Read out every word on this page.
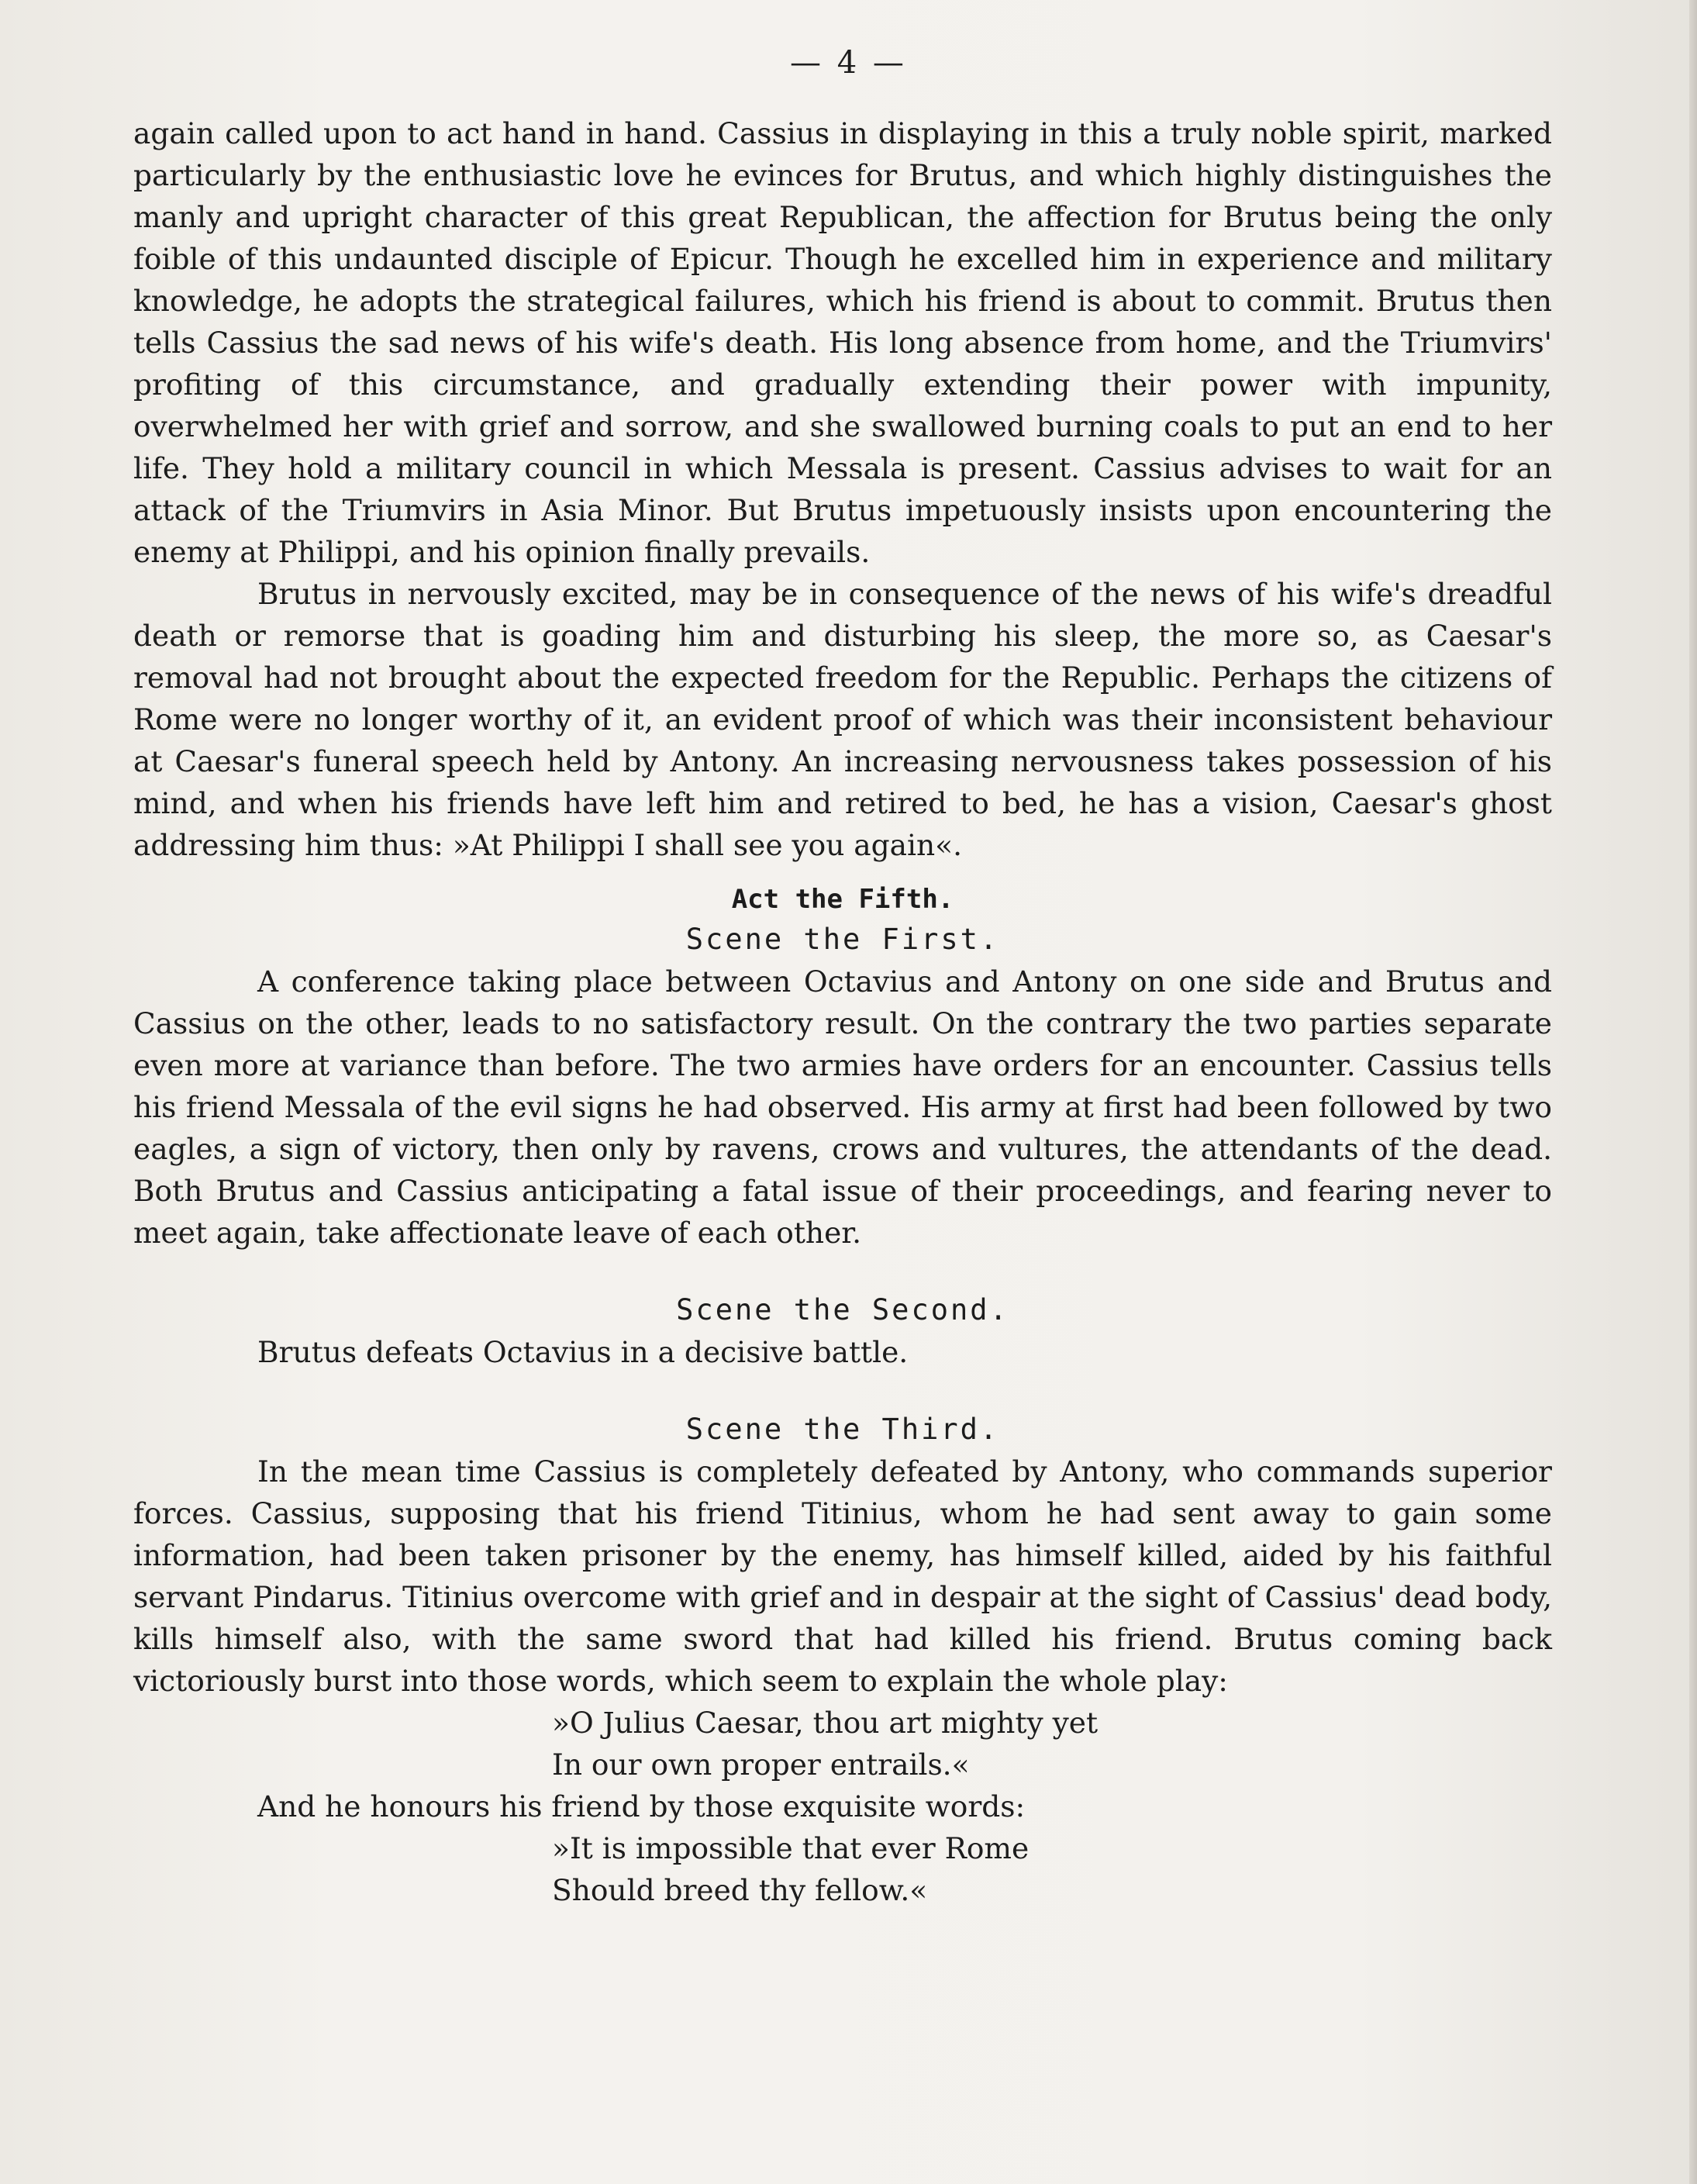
— 4 —

again called upon to act hand in hand. Cassius in displaying in this a truly noble spirit, marked particularly by the enthusiastic love he evinces for Brutus, and which highly distinguishes the manly and upright character of this great Republican, the affection for Brutus being the only foible of this undaunted disciple of Epicur. Though he excelled him in experience and military knowledge, he adopts the strategical failures, which his friend is about to commit. Brutus then tells Cassius the sad news of his wife's death. His long absence from home, and the Triumvirs' profiting of this circumstance, and gradually extending their power with impunity, overwhelmed her with grief and sorrow, and she swallowed burning coals to put an end to her life. They hold a military council in which Messala is present. Cassius advises to wait for an attack of the Triumvirs in Asia Minor. But Brutus impetuously insists upon encountering the enemy at Philippi, and his opinion finally prevails.

Brutus in nervously excited, may be in consequence of the news of his wife's dreadful death or remorse that is goading him and disturbing his sleep, the more so, as Caesar's removal had not brought about the expected freedom for the Republic. Perhaps the citizens of Rome were no longer worthy of it, an evident proof of which was their inconsistent behaviour at Caesar's funeral speech held by Antony. An increasing nervousness takes possession of his mind, and when his friends have left him and retired to bed, he has a vision, Caesar's ghost addressing him thus: »At Philippi I shall see you again«.

Act the Fifth.

Scene the First.

A conference taking place between Octavius and Antony on one side and Brutus and Cassius on the other, leads to no satisfactory result. On the contrary the two parties separate even more at variance than before. The two armies have orders for an encounter. Cassius tells his friend Messala of the evil signs he had observed. His army at first had been followed by two eagles, a sign of victory, then only by ravens, crows and vultures, the attendants of the dead. Both Brutus and Cassius anticipating a fatal issue of their proceedings, and fearing never to meet again, take affectionate leave of each other.

Scene the Second.

Brutus defeats Octavius in a decisive battle.

Scene the Third.

In the mean time Cassius is completely defeated by Antony, who commands superior forces. Cassius, supposing that his friend Titinius, whom he had sent away to gain some information, had been taken prisoner by the enemy, has himself killed, aided by his faithful servant Pindarus. Titinius overcome with grief and in despair at the sight of Cassius' dead body, kills himself also, with the same sword that had killed his friend. Brutus coming back victoriously burst into those words, which seem to explain the whole play:

»O Julius Caesar, thou art mighty yet

In our own proper entrails.«

And he honours his friend by those exquisite words:

»It is impossible that ever Rome

Should breed thy fellow.«
